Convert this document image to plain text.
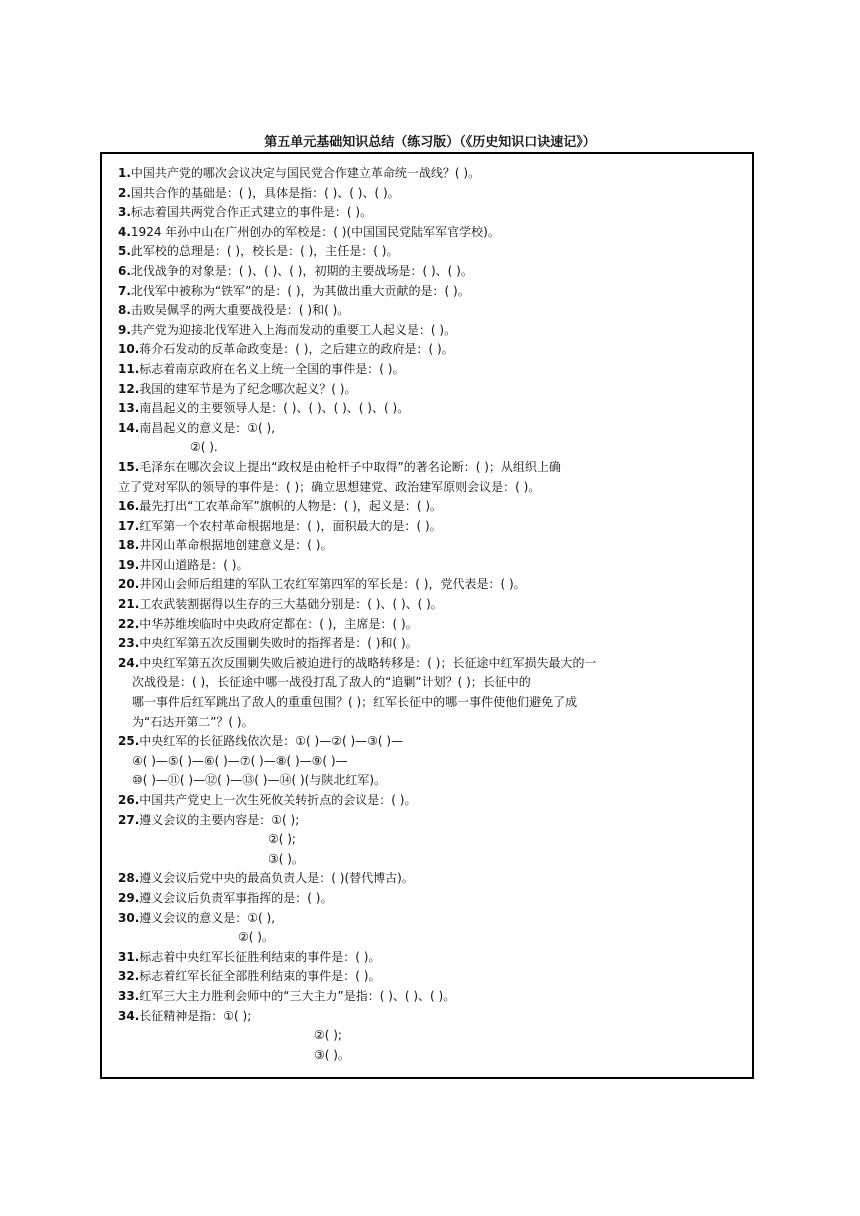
第五单元基础知识总结（练习版）（《历史知识口诀速记》）
1.中国共产党的哪次会议决定与国民党合作建立革命统一战线？( )。
2.国共合作的基础是：( )，具体是指：( )、( )、( )。
3.标志着国共两党合作正式建立的事件是：( )。
4.1924 年孙中山在广州创办的军校是：( )(中国国民党陆军军官学校)。
5.此军校的总理是：( )，校长是：( )，主任是：( )。
6.北伐战争的对象是：( )、( )、( )，初期的主要战场是：( )、( )。
7.北伐军中被称为“铁军”的是：( )，为其做出重大贡献的是：( )。
8.击败吴佩孚的两大重要战役是：( )和( )。
9.共产党为迎接北伐军进入上海而发动的重要工人起义是：( )。
10.蒋介石发动的反革命政变是：( )，之后建立的政府是：( )。
11.标志着南京政府在名义上统一全国的事件是：( )。
12.我国的建军节是为了纪念哪次起义？( )。
13.南昌起义的主要领导人是：( )、( )、( )、( )、( )。
14.南昌起义的意义是：①( ),
②( ).
15.毛泽东在哪次会议上提出“政权是由枪杆子中取得”的著名论断：( )；从组织上确
立了党对军队的领导的事件是：( )；确立思想建党、政治建军原则会议是：( )。
16.最先打出“工农革命军”旗帜的人物是：( )，起义是：( )。
17.红军第一个农村革命根据地是：( )，面积最大的是：( )。
18.井冈山革命根据地创建意义是：( )。
19.井冈山道路是：( )。
20.井冈山会师后组建的军队工农红军第四军的军长是：( )，党代表是：( )。
21.工农武装割据得以生存的三大基础分别是：( )、( )、( )。
22.中华苏维埃临时中央政府定都在：( )，主席是：( )。
23.中央红军第五次反围剿失败时的指挥者是：( )和( )。
24.中央红军第五次反围剿失败后被迫进行的战略转移是：( )；长征途中红军损失最大的一
次战役是：( )，长征途中哪一战役打乱了敌人的“追剿”计划？( )；长征中的
哪一事件后红军跳出了敌人的重重包围？( )；红军长征中的哪一事件使他们避免了成
为“石达开第二”？( )。
25.中央红军的长征路线依次是：①( )—②( )—③( )—
④( )—⑤( )—⑥( )—⑦( )—⑧( )—⑨( )—
⑩( )—⑪( )—⑫( )—⑬( )—⑭( )(与陕北红军)。
26.中国共产党史上一次生死攸关转折点的会议是：( )。
27.遵义会议的主要内容是：①( );
②( );
③( )。
28.遵义会议后党中央的最高负责人是：( )(替代博古)。
29.遵义会议后负责军事指挥的是：( )。
30.遵义会议的意义是：①( ),
②( )。
31.标志着中央红军长征胜利结束的事件是：( )。
32.标志着红军长征全部胜利结束的事件是：( )。
33.红军三大主力胜利会师中的“三大主力”是指：( )、( )、( )。
34.长征精神是指：①( );
②( );
③( )。
